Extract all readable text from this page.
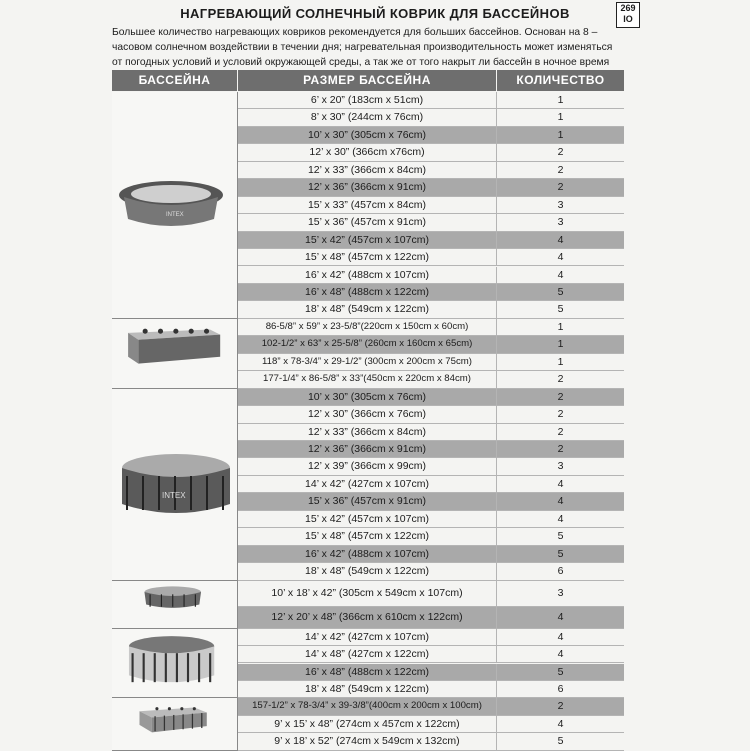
НАГРЕВАЮЩИЙ СОЛНЕЧНЫЙ КОВРИК ДЛЯ БАССЕЙНОВ	269
IO
Большее количество нагревающих ковриков рекомендуется для больших бассейнов. Основан на 8 – часовом солнечном воздействии в течении дня; нагревательная производительность может изменяться от погодных условий и условий окружающей среды, а так же от того накрыт ли бассейн в ночное время
БАССЕЙНА	РАЗМЕР БАССЕЙНА	КОЛИЧЕСТВО
6’ x 20” (183cm x 51cm)	1
8’ x 30” (244cm x 76cm)	1
10’ x 30” (305cm x 76cm)	1
12’ x 30” (366cm x76cm)	2
12’ x 33” (366cm x 84cm)	2
12’ x 36” (366cm x 91cm)	2
15’ x 33” (457cm x 84cm)	3
15’ x 36” (457cm x 91cm)	3
15’ x 42” (457cm x 107cm)	4
15’ x 48” (457cm x 122cm)	4
16’ x 42” (488cm x 107cm)	4
16’ x 48” (488cm x 122cm)	5
18’ x 48” (549cm x 122cm)	5
86-5/8” x 59” x 23-5/8”(220cm x 150cm x 60cm)	1
102-1/2” x 63” x 25-5/8” (260cm x 160cm x 65cm)	1
118” x 78-3/4” x 29-1/2” (300cm x 200cm x 75cm)	1
177-1/4” x 86-5/8” x 33”(450cm x 220cm x 84cm)	2
10’ x 30” (305cm x 76cm)	2
12’ x 30” (366cm x 76cm)	2
12’ x 33” (366cm x 84cm)	2
12’ x 36” (366cm x 91cm)	2
12’ x 39” (366cm x 99cm)	3
14’ x 42” (427cm x 107cm)	4
15’ x 36” (457cm x 91cm)	4
15’ x 42” (457cm x 107cm)	4
15’ x 48” (457cm x 122cm)	5
16’ x 42” (488cm x 107cm)	5
18’ x 48” (549cm x 122cm)	6
10’ x 18’ x 42” (305cm x 549cm x 107cm)	3
12’ x 20’ x 48” (366cm x 610cm x 122cm)	4
14’ x 42” (427cm x 107cm)	4
14’ x 48” (427cm x 122cm)	4
16’ x 48” (488cm x 122cm)	5
18’ x 48” (549cm x 122cm)	6
157-1/2” x 78-3/4” x 39-3/8”(400cm x 200cm x 100cm)	2
9’ x 15’ x 48” (274cm x 457cm x 122cm)	4
9’ x 18’ x 52” (274cm x 549cm x 132cm)	5
INTEX
INTEX
